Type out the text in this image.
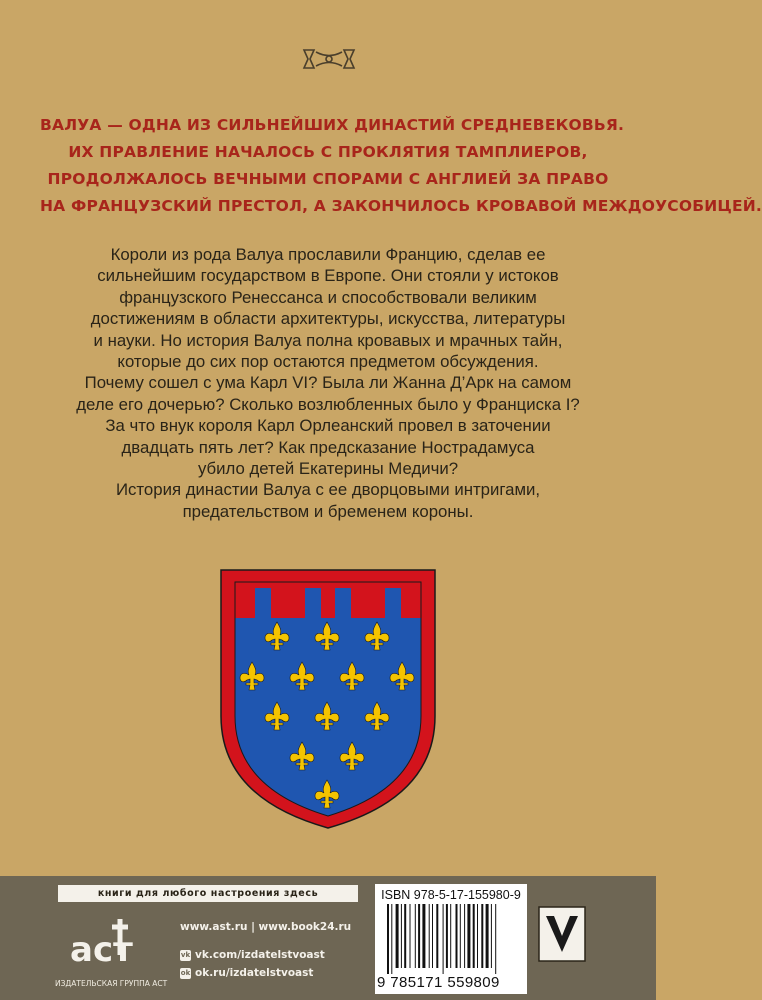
ВАЛУА — ОДНА ИЗ СИЛЬНЕЙШИХ ДИНАСТИЙ СРЕДНЕВЕКОВЬЯ.
ИХ ПРАВЛЕНИЕ НАЧАЛОСЬ С ПРОКЛЯТИЯ ТАМПЛИЕРОВ,
ПРОДОЛЖАЛОСЬ ВЕЧНЫМИ СПОРАМИ С АНГЛИЕЙ ЗА ПРАВО
НА ФРАНЦУЗСКИЙ ПРЕСТОЛ, А ЗАКОНЧИЛОСЬ КРОВАВОЙ МЕЖДОУСОБИЦЕЙ.
Короли из рода Валуа прославили Францию, сделав ее
сильнейшим государством в Европе. Они стояли у истоков
французского Ренессанса и способствовали великим
достижениям в области архитектуры, искусства, литературы
и науки. Но история Валуа полна кровавых и мрачных тайн,
которые до сих пор остаются предметом обсуждения.
Почему сошел с ума Карл VI? Была ли Жанна Д’Арк на самом
деле его дочерью? Сколько возлюбленных было у Франциска I?
За что внук короля Карл Орлеанский провел в заточении
двадцать пять лет? Как предсказание Нострадамуса
убило детей Екатерины Медичи?
История династии Валуа с ее дворцовыми интригами,
предательством и бременем короны.
книги для любого настроения здесь
аст
ИЗДАТЕЛЬСКАЯ ГРУППА АСТ
www.ast.ru | www.book24.ru
vk vk.com/izdatelstvoast
ok ok.ru/izdatelstvoast
ISBN 978-5-17-155980-9
9 785171 559809
